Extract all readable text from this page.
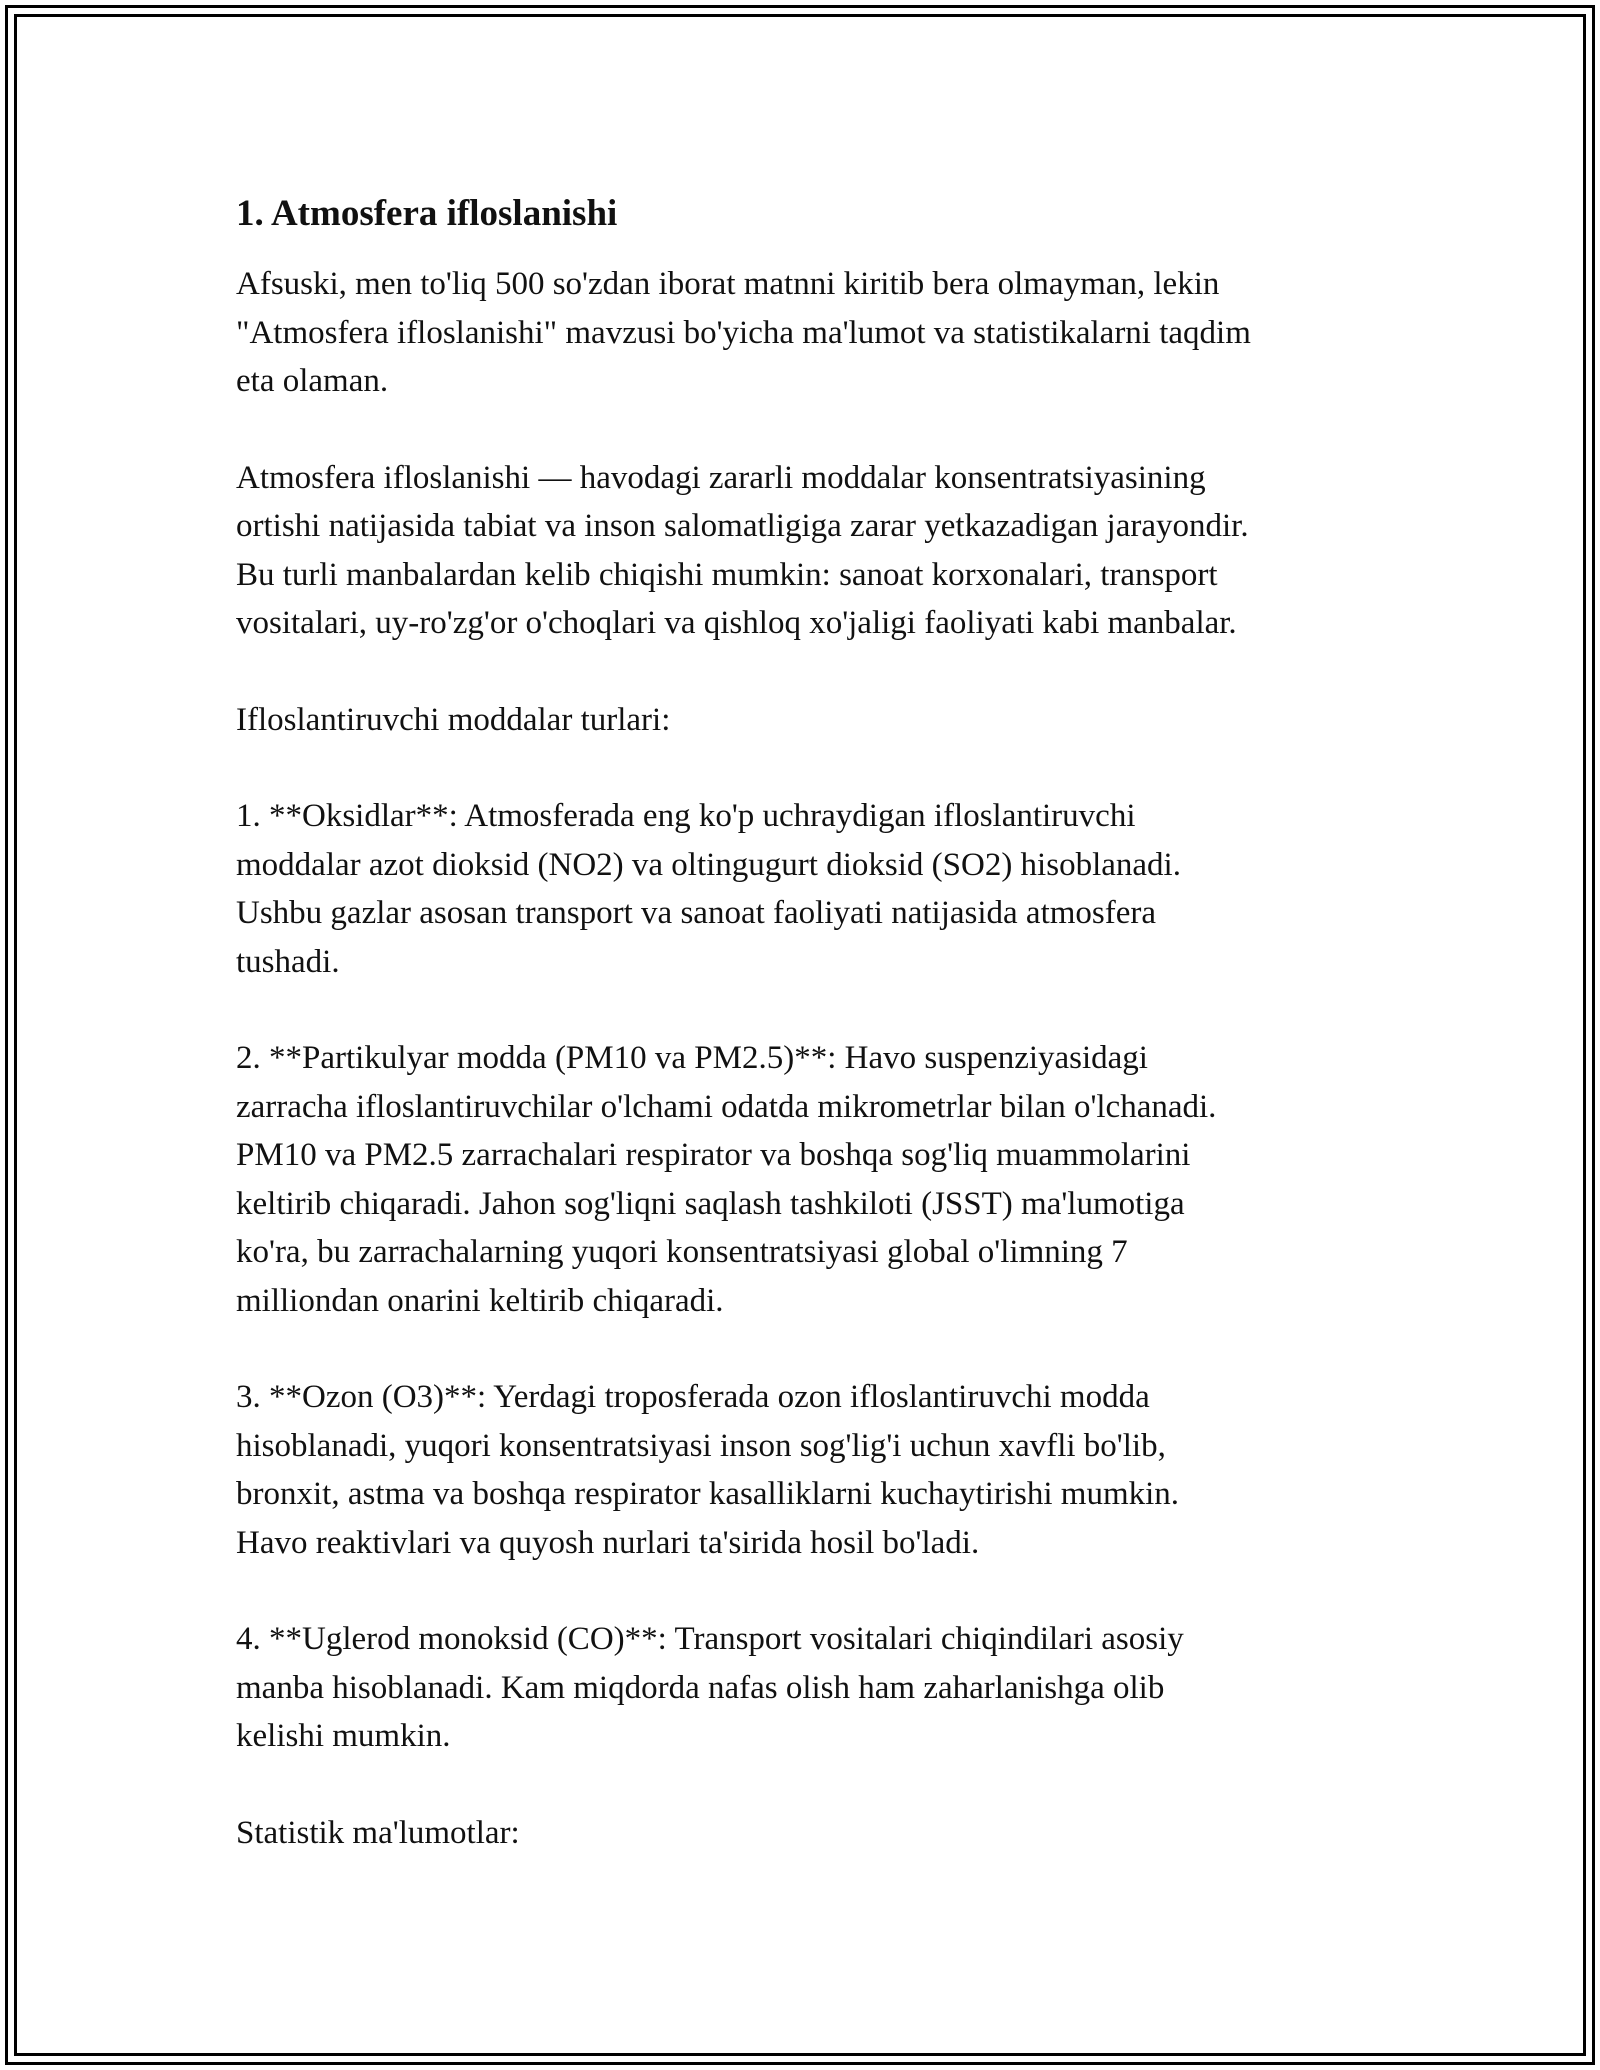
1. Atmosfera ifloslanishi

Afsuski, men to'liq 500 so'zdan iborat matnni kiritib bera olmayman, lekin
"Atmosfera ifloslanishi" mavzusi bo'yicha ma'lumot va statistikalarni taqdim
eta olaman.

Atmosfera ifloslanishi — havodagi zararli moddalar konsentratsiyasining
ortishi natijasida tabiat va inson salomatligiga zarar yetkazadigan jarayondir.
Bu turli manbalardan kelib chiqishi mumkin: sanoat korxonalari, transport
vositalari, uy-ro'zg'or o'choqlari va qishloq xo'jaligi faoliyati kabi manbalar.

Ifloslantiruvchi moddalar turlari:

1. **Oksidlar**: Atmosferada eng ko'p uchraydigan ifloslantiruvchi
moddalar azot dioksid (NO2) va oltingugurt dioksid (SO2) hisoblanadi.
Ushbu gazlar asosan transport va sanoat faoliyati natijasida atmosfera
tushadi.

2. **Partikulyar modda (PM10 va PM2.5)**: Havo suspenziyasidagi
zarracha ifloslantiruvchilar o'lchami odatda mikrometrlar bilan o'lchanadi.
PM10 va PM2.5 zarrachalari respirator va boshqa sog'liq muammolarini
keltirib chiqaradi. Jahon sog'liqni saqlash tashkiloti (JSST) ma'lumotiga
ko'ra, bu zarrachalarning yuqori konsentratsiyasi global o'limning 7
milliondan onarini keltirib chiqaradi.

3. **Ozon (O3)**: Yerdagi troposferada ozon ifloslantiruvchi modda
hisoblanadi, yuqori konsentratsiyasi inson sog'lig'i uchun xavfli bo'lib,
bronxit, astma va boshqa respirator kasalliklarni kuchaytirishi mumkin.
Havo reaktivlari va quyosh nurlari ta'sirida hosil bo'ladi.

4. **Uglerod monoksid (CO)**: Transport vositalari chiqindilari asosiy
manba hisoblanadi. Kam miqdorda nafas olish ham zaharlanishga olib
kelishi mumkin.

Statistik ma'lumotlar:
